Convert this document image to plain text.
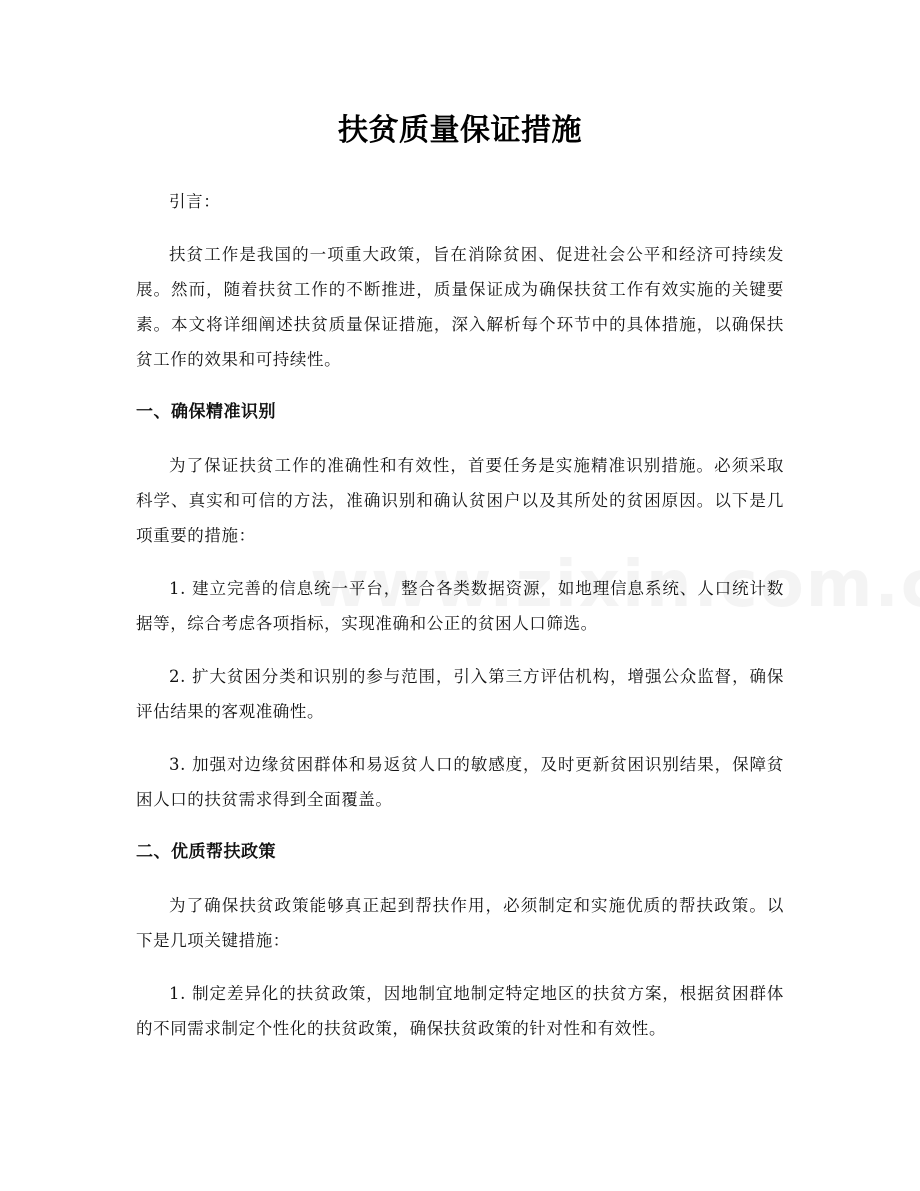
扶贫质量保证措施

引言：

扶贫工作是我国的一项重大政策，旨在消除贫困、促进社会公平和经济可持续发展。然而，随着扶贫工作的不断推进，质量保证成为确保扶贫工作有效实施的关键要素。本文将详细阐述扶贫质量保证措施，深入解析每个环节中的具体措施，以确保扶贫工作的效果和可持续性。

一、确保精准识别

为了保证扶贫工作的准确性和有效性，首要任务是实施精准识别措施。必须采取科学、真实和可信的方法，准确识别和确认贫困户以及其所处的贫困原因。以下是几项重要的措施：

1. 建立完善的信息统一平台，整合各类数据资源，如地理信息系统、人口统计数据等，综合考虑各项指标，实现准确和公正的贫困人口筛选。

2. 扩大贫困分类和识别的参与范围，引入第三方评估机构，增强公众监督，确保评估结果的客观准确性。

3. 加强对边缘贫困群体和易返贫人口的敏感度，及时更新贫困识别结果，保障贫困人口的扶贫需求得到全面覆盖。

二、优质帮扶政策

为了确保扶贫政策能够真正起到帮扶作用，必须制定和实施优质的帮扶政策。以下是几项关键措施：

1. 制定差异化的扶贫政策，因地制宜地制定特定地区的扶贫方案，根据贫困群体的不同需求制定个性化的扶贫政策，确保扶贫政策的针对性和有效性。
